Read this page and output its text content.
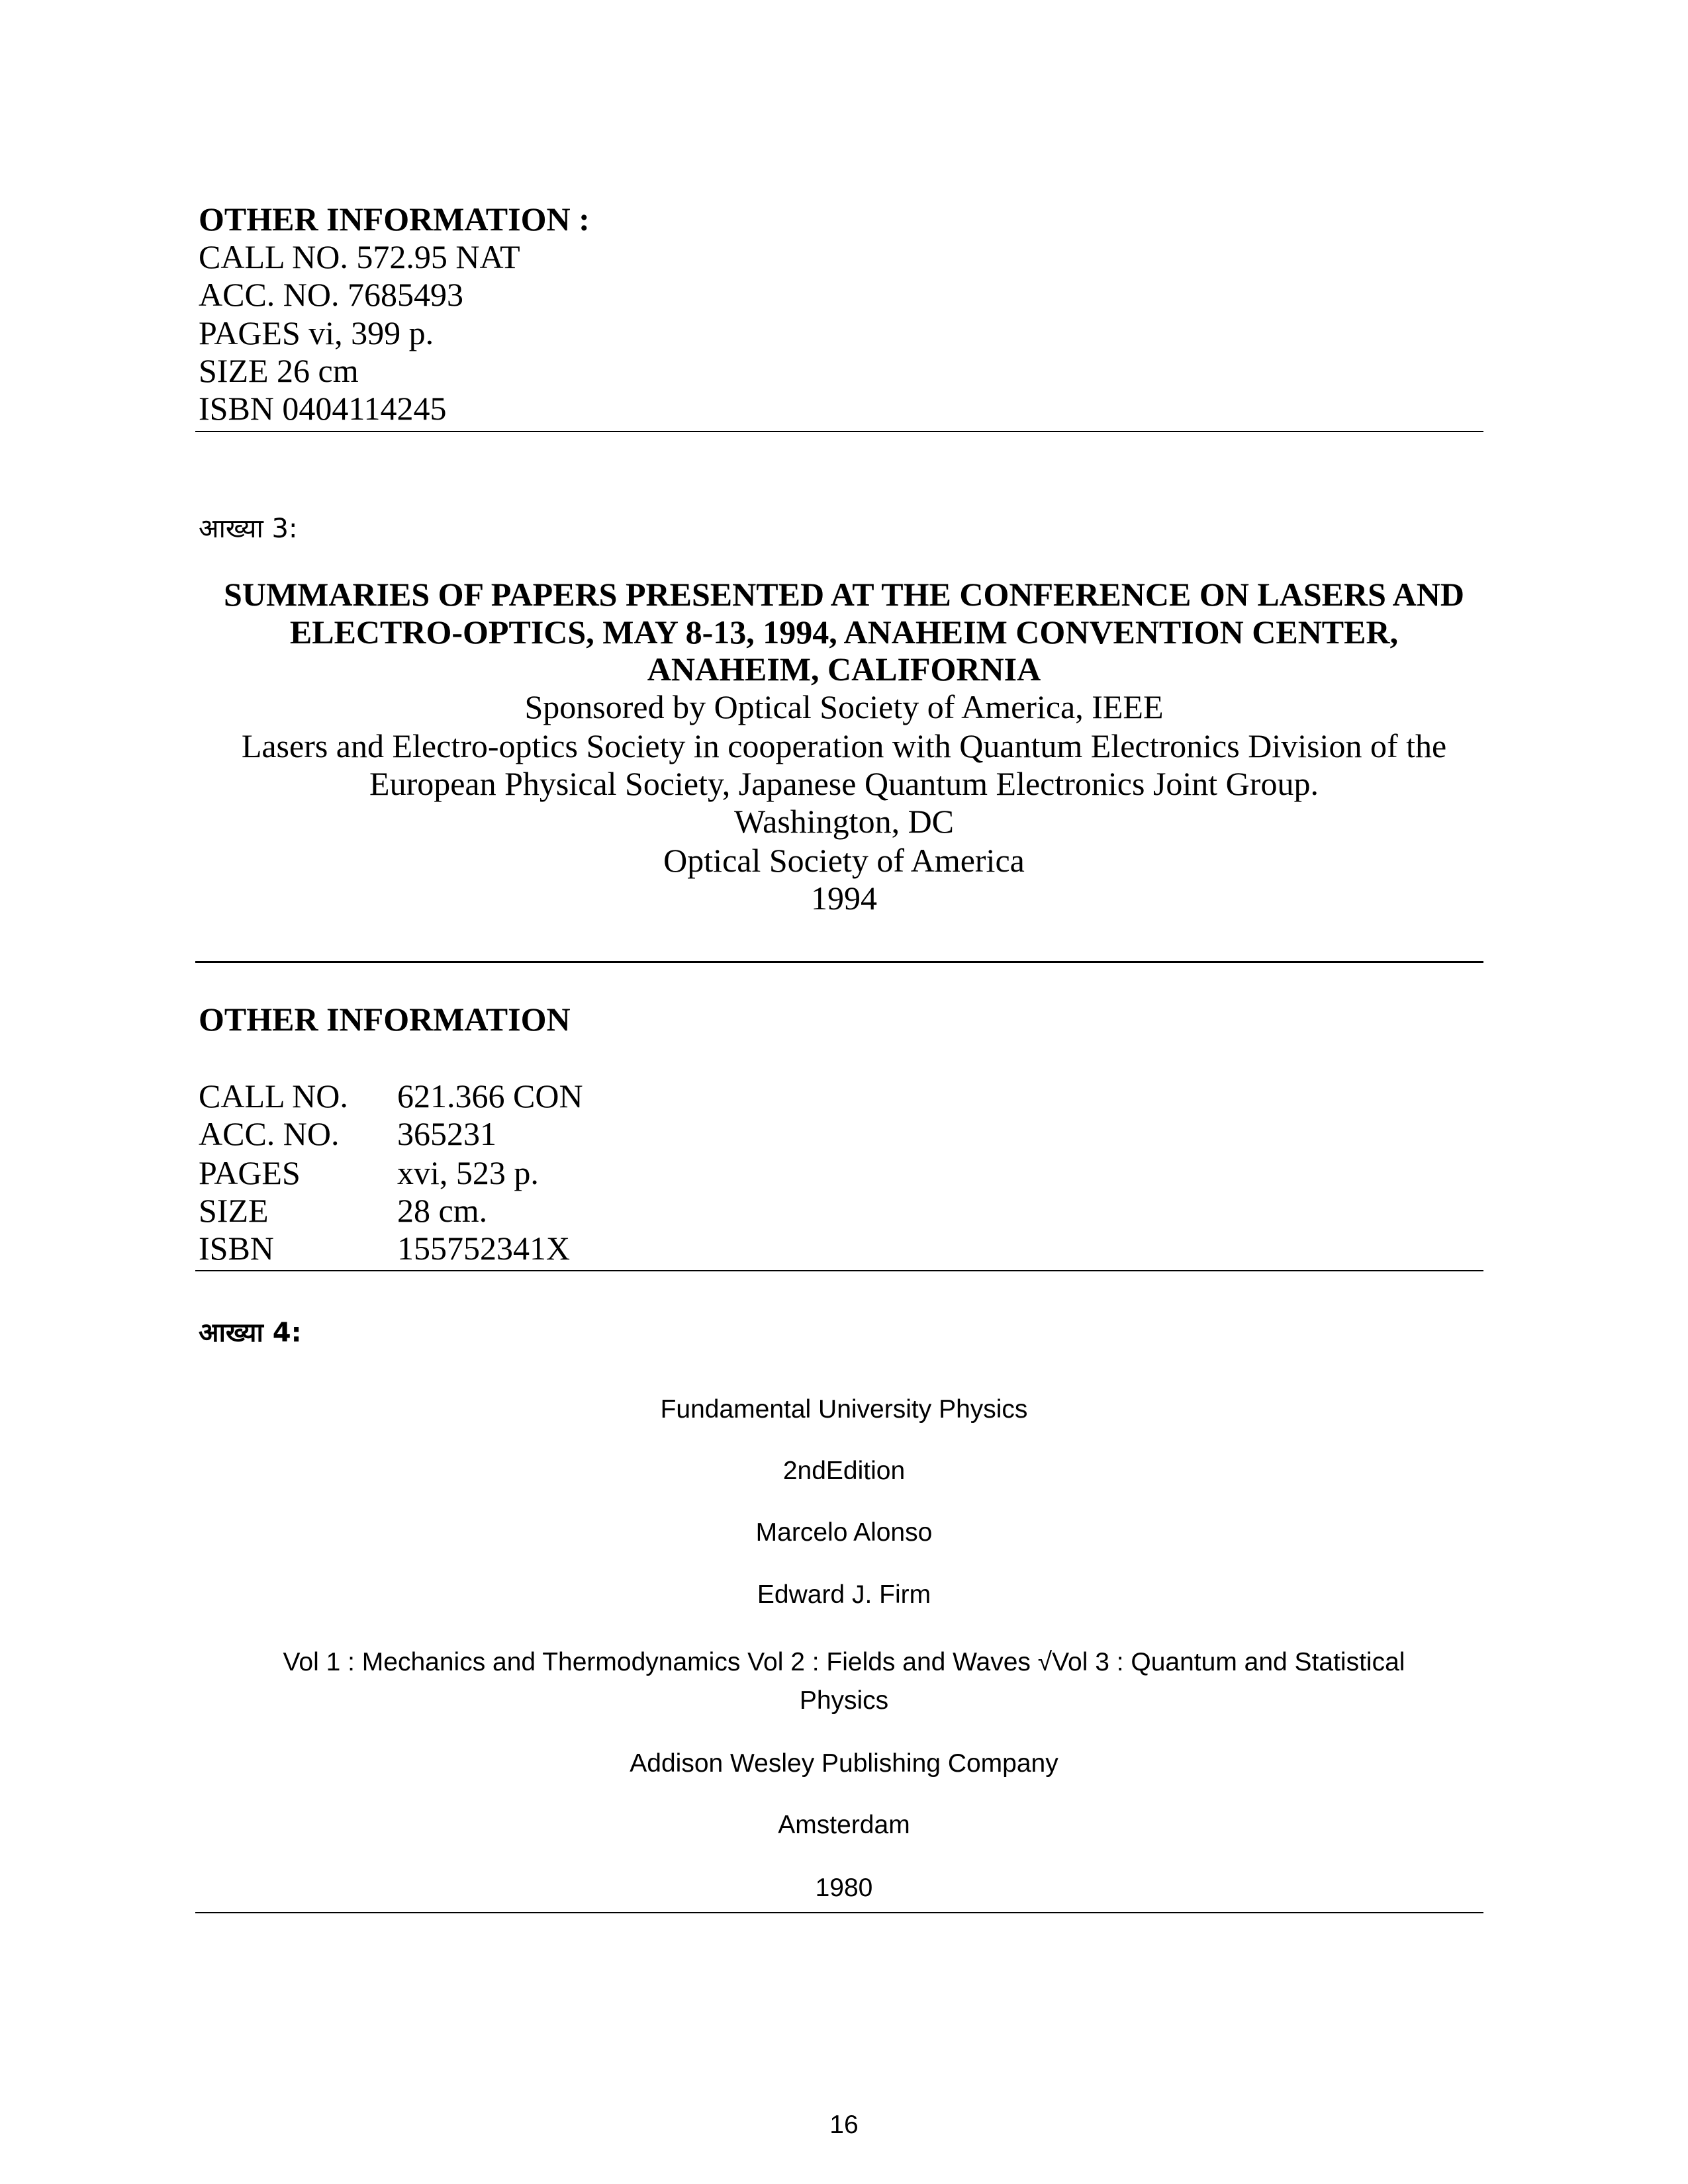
OTHER INFORMATION :
CALL NO. 572.95 NAT
ACC. NO. 7685493
PAGES vi, 399 p.
SIZE 26 cm
ISBN 0404114245
आख्या 3:
SUMMARIES OF PAPERS PRESENTED AT THE CONFERENCE ON LASERS AND
ELECTRO-OPTICS, MAY 8-13, 1994, ANAHEIM CONVENTION CENTER,
ANAHEIM, CALIFORNIA
Sponsored by Optical Society of America, IEEE
Lasers and Electro-optics Society in cooperation with Quantum Electronics Division of the
European Physical Society, Japanese Quantum Electronics Joint Group.
Washington, DC
Optical Society of America
1994
OTHER INFORMATION
CALL NO. 621.366 CON
ACC. NO. 365231
PAGES	xvi, 523 p.
SIZE	28 cm.
ISBN	155752341X
आख्या 4:
Fundamental University Physics
2ndEdition
Marcelo Alonso
Edward J. Firm
Vol 1 : Mechanics and Thermodynamics Vol 2 : Fields and Waves √Vol 3 : Quantum and Statistical
Physics
Addison Wesley Publishing Company
Amsterdam
1980
16
